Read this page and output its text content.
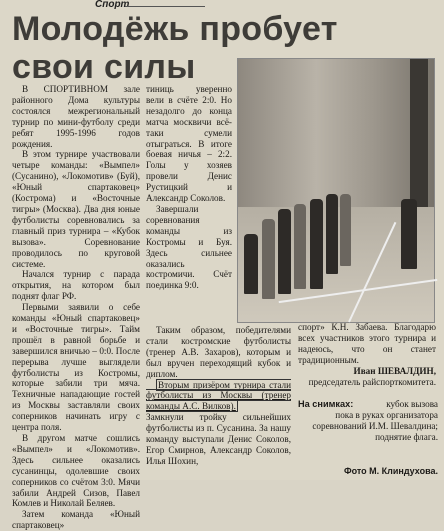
Спорт
Молодёжь пробует
свои силы

В СПОРТИВНОМ зале районного Дома культуры состоялся межрегиональный турнир по мини-футболу среди ребят 1995-1996 годов рождения.

В этом турнире участвовали четыре команды: «Вымпел» (Сусанино), «Локомотив» (Буй), «Юный спартаковец» (Кострома) и «Восточные тигры» (Москва). Два дня юные футболисты соревновались за главный приз турнира – «Кубок вызова». Соревнование проводилось по круговой системе.

Начался турнир с парада открытия, на котором был поднят флаг РФ.

Первыми заявили о себе команды «Юный спартаковец» и «Восточные тигры». Тайм прошёл в равной борьбе и завершился вничью – 0:0. После перерыва лучше выглядели футболисты из Костромы, которые забили три мяча. Техничные нападающие гостей из Москвы заставляли своих соперников начинать игру с центра поля.

В другом матче сошлись «Вымпел» и «Локомотив». Здесь сильнее оказались сусанинцы, одолевшие своих соперников со счётом 3:0. Мячи забили Андрей Сизов, Павел Комлев и Николай Беляев.

Затем команда «Юный спартаковец»

тиниць уверенно вели в счёте 2:0. Но незадолго до конца матча москвичи всё-таки сумели отыграться. В итоге боевая ничья – 2:2. Голы у хозяев провели Денис Рустицкий и Александр Соколов.

Завершали соревнования команды из Костромы и Буя. Здесь сильнее оказались костромичи. Счёт поединка 9:0.

Таким образом, победителями стали костромские футболисты (тренер А.В. Захаров), которым и был вручен переходящий кубок и диплом.

Вторым призёром турнира стали футболисты из Москвы (тренер команды А.С. Вилков).

Замкнули тройку сильнейших футболисты из п. Сусанина. За нашу команду выступали Денис Соколов, Егор Смирнов, Александр Соколов, Илья Шохин,

спорт» К.Н. Забаева. Благодарю всех участников этого турнира и надеюсь, что он станет традиционным.
Иван ШЕВАЛДИН,
председатель райспорткомитета.
На снимках:	кубок вызова пока в руках организатора соревнований И.М. Шевалдина; поднятие флага.
Фото М. Клиндухова.
